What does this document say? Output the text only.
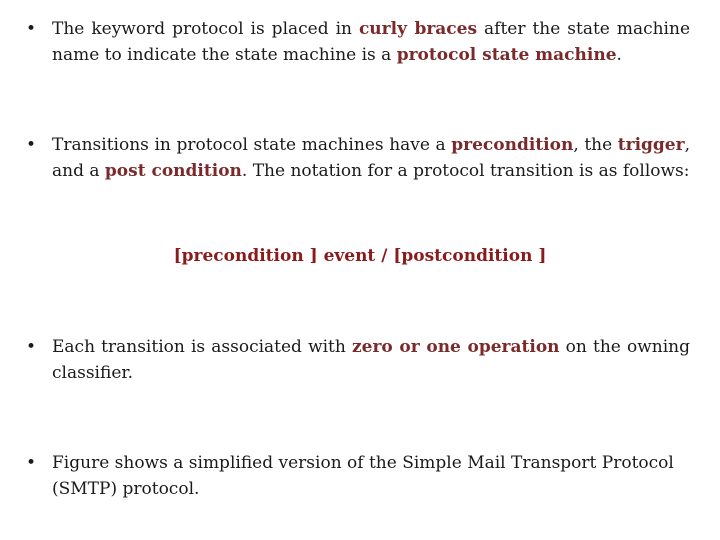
• The keyword protocol is placed in curly braces after the state machine name to indicate the state machine is a protocol state machine.
• Transitions in protocol state machines have a precondition, the trigger, and a post condition. The notation for a protocol transition is as follows:
[precondition ] event / [postcondition ]
• Each transition is associated with zero or one operation on the owning classifier.
• Figure shows a simplified version of the Simple Mail Transport Protocol (SMTP) protocol.
